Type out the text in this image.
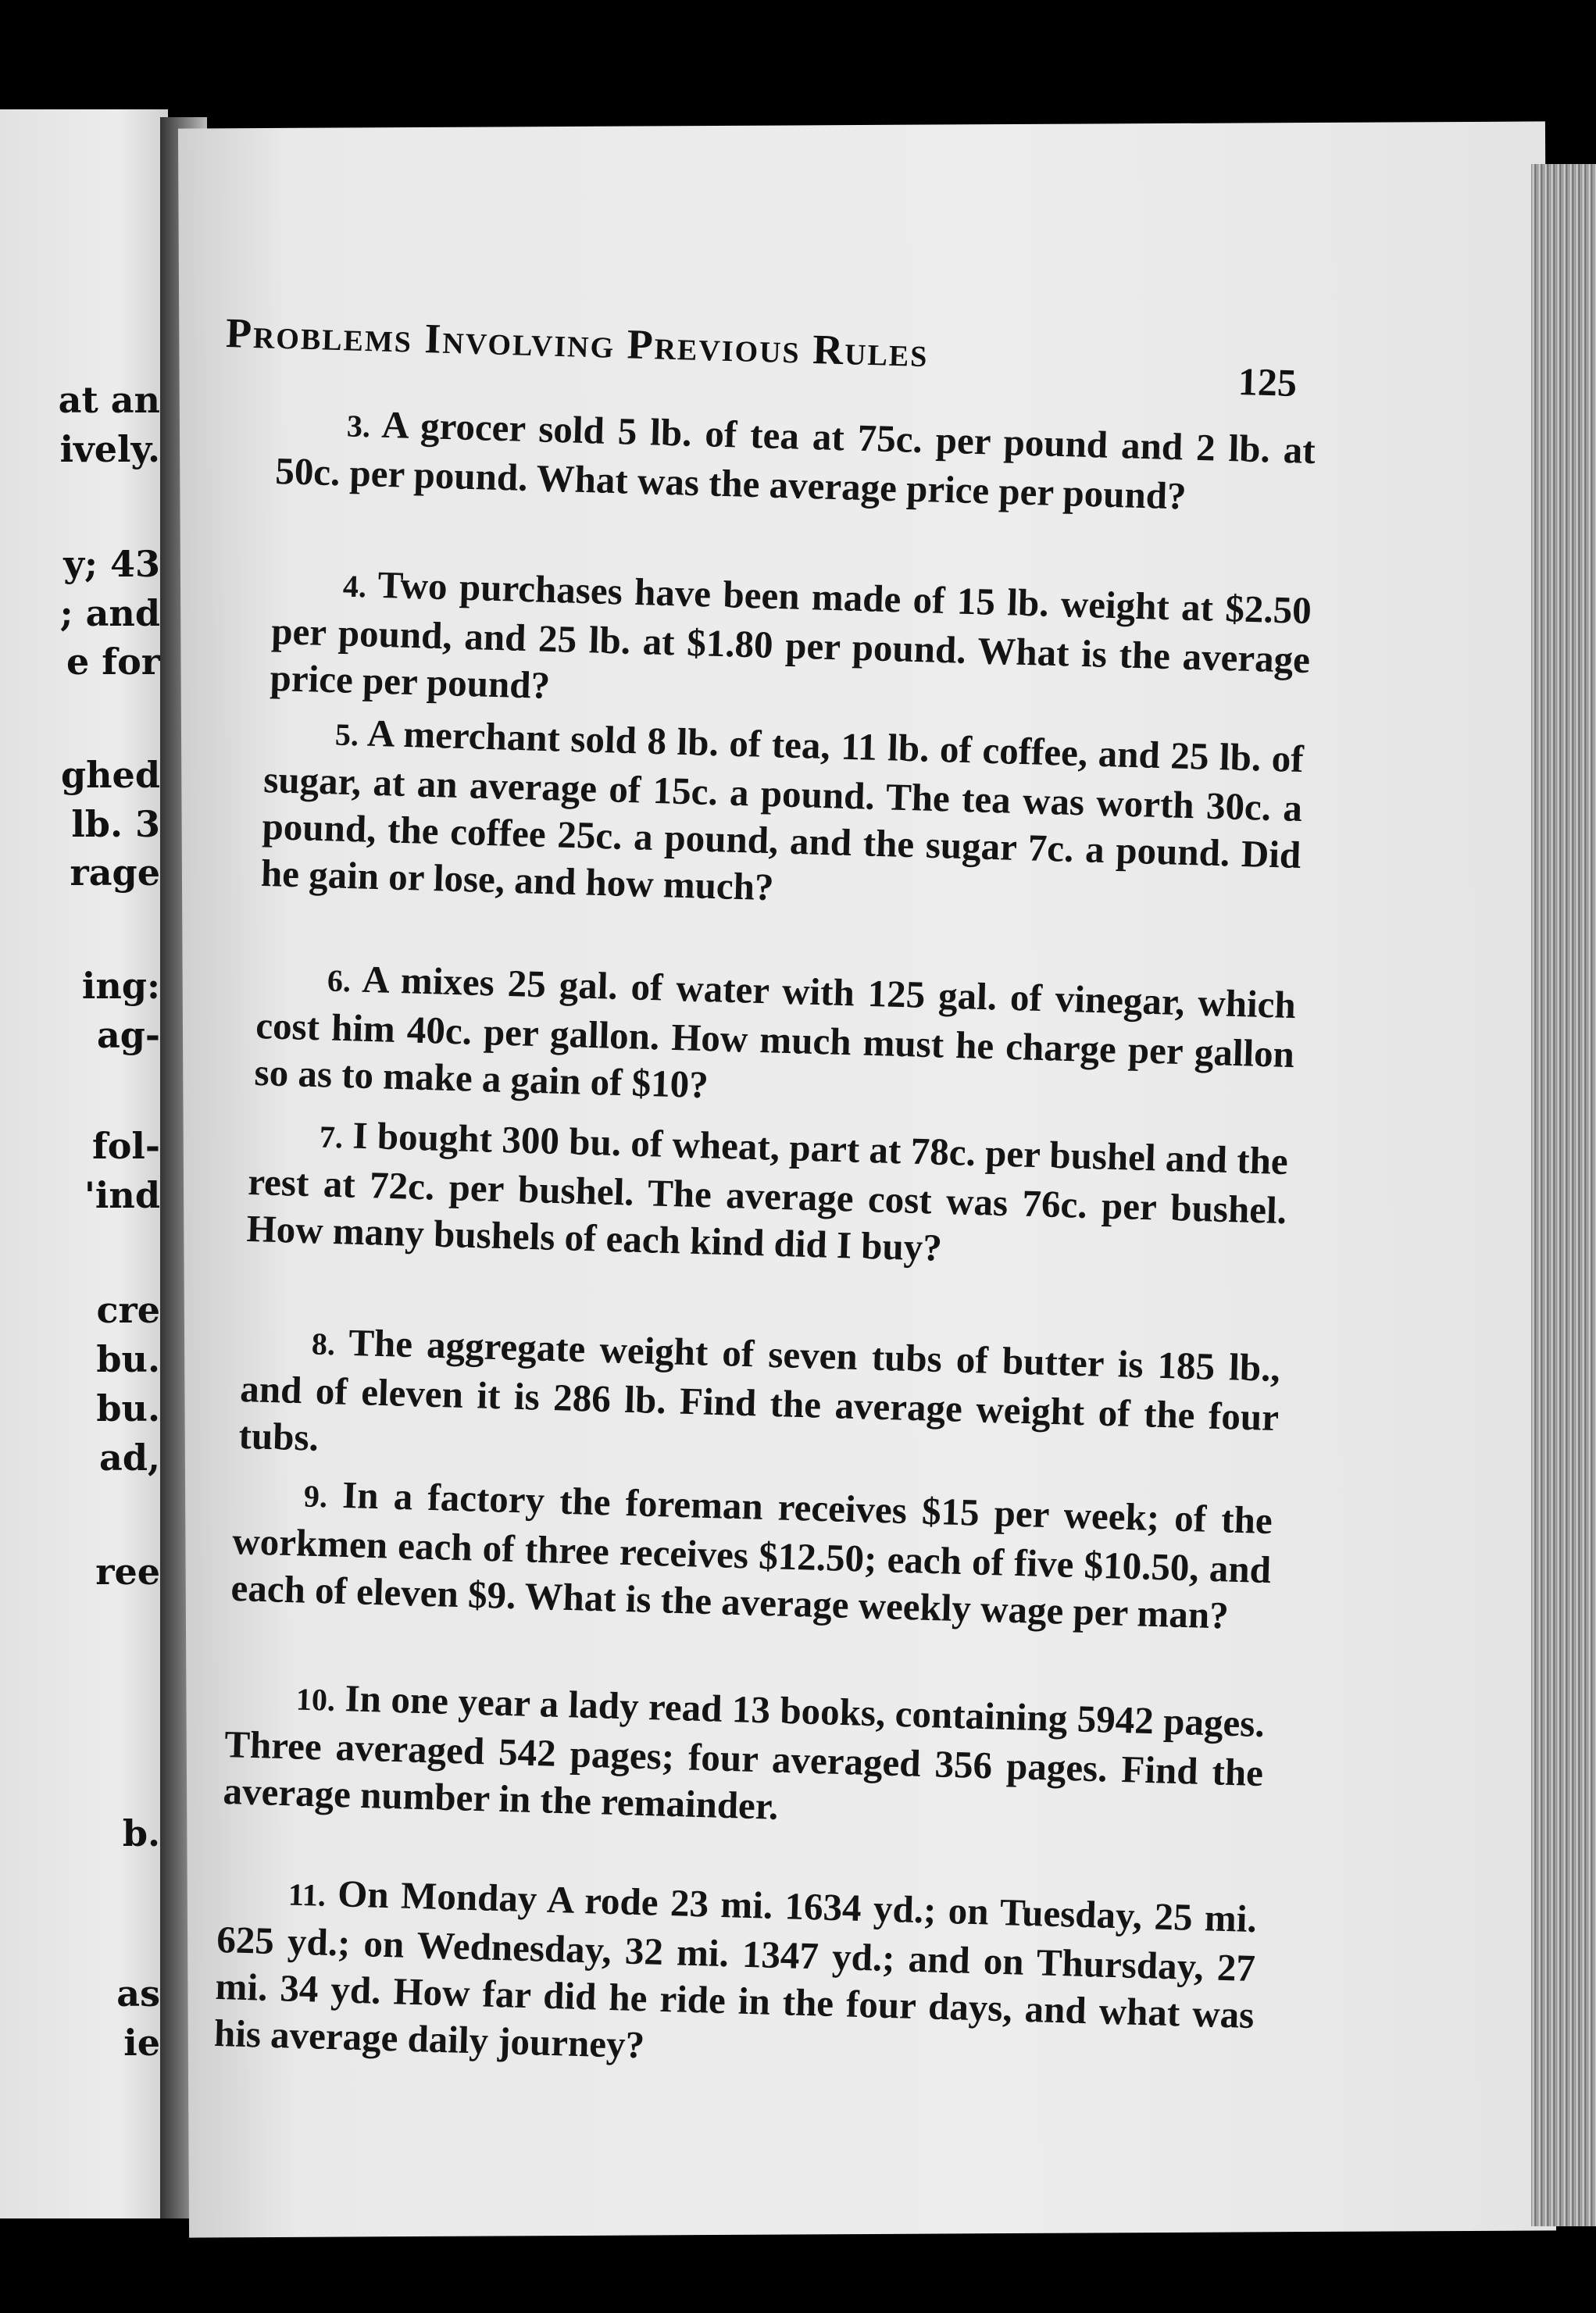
at an
ively.
y; 43
; and
e for
ghed
lb. 3
rage
ing:
ag-
fol-
'ind
cre
bu.
bu.
ad,
ree
b.
as
ie
Problems Involving Previous Rules
125
3. A grocer sold 5 lb. of tea at 75c. per pound and 2 lb. at 50c. per pound. What was the average price per pound?
4. Two purchases have been made of 15 lb. weight at $2.50 per pound, and 25 lb. at $1.80 per pound. What is the average price per pound?
5. A merchant sold 8 lb. of tea, 11 lb. of coffee, and 25 lb. of sugar, at an average of 15c. a pound. The tea was worth 30c. a pound, the coffee 25c. a pound, and the sugar 7c. a pound. Did he gain or lose, and how much?
6. A mixes 25 gal. of water with 125 gal. of vinegar, which cost him 40c. per gallon. How much must he charge per gallon so as to make a gain of $10?
7. I bought 300 bu. of wheat, part at 78c. per bushel and the rest at 72c. per bushel. The average cost was 76c. per bushel. How many bushels of each kind did I buy?
8. The aggregate weight of seven tubs of butter is 185 lb., and of eleven it is 286 lb. Find the average weight of the four tubs.
9. In a factory the foreman receives $15 per week; of the workmen each of three receives $12.50; each of five $10.50, and each of eleven $9. What is the average weekly wage per man?
10. In one year a lady read 13 books, containing 5942 pages. Three averaged 542 pages; four averaged 356 pages. Find the average number in the remainder.
11. On Monday A rode 23 mi. 1634 yd.; on Tuesday, 25 mi. 625 yd.; on Wednesday, 32 mi. 1347 yd.; and on Thursday, 27 mi. 34 yd. How far did he ride in the four days, and what was his average daily journey?
